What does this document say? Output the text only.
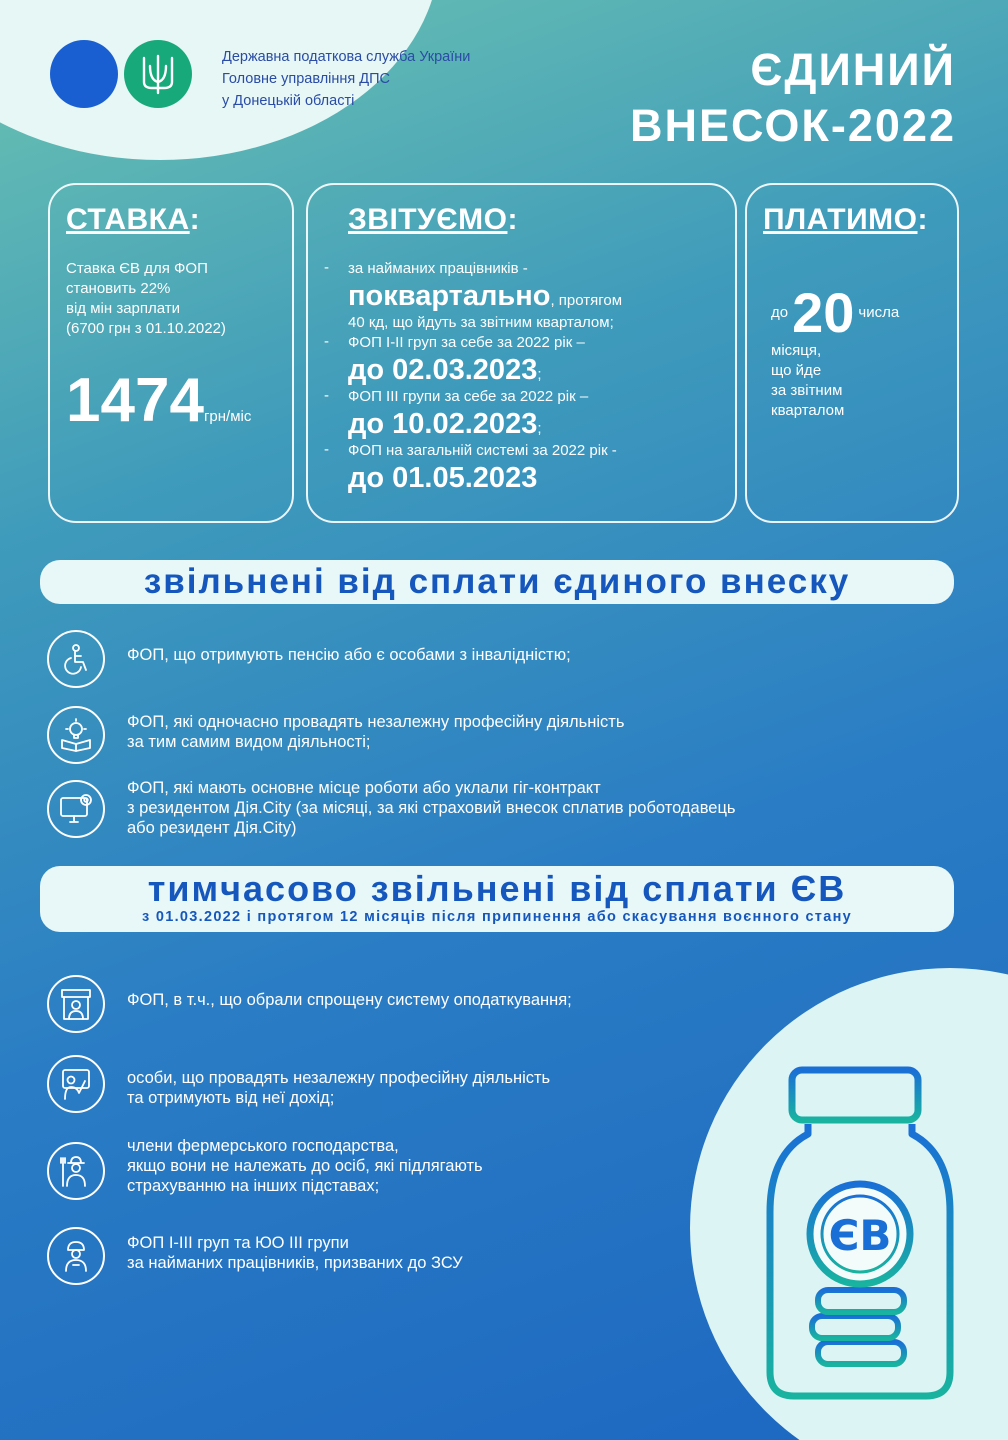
Державна податкова служба України
Головне управління ДПС
у Донецькій області
ЄДИНИЙ
ВНЕСОК-2022
СТАВКА:
Ставка ЄВ для ФОП
становить 22%
від мін зарплати
(6700 грн з 01.10.2022)
1474грн/міс
ЗВІТУЄМО:
- за найманих працівників -
поквартально, протягом
40 кд, що йдуть за звітним кварталом;
- ФОП I-II груп за себе за 2022 рік –
до 02.03.2023;
- ФОП III групи за себе за 2022 рік –
до 10.02.2023;
- ФОП на загальній системі за 2022 рік -
до 01.05.2023
ПЛАТИМО:
до20 числа
місяця,
що йде
за звітним
кварталом
звільнені від сплати єдиного внеску
ФОП, що отримують пенсію або є особами з інвалідністю;
ФОП, які одночасно провадять незалежну професійну діяльність
за тим самим видом діяльності;
ФОП, які мають основне місце роботи або уклали гіг-контракт
з резидентом Дія.City (за місяці, за які страховий внесок сплатив роботодавець
або резидент Дія.City)
тимчасово звільнені від сплати ЄВ
з 01.03.2022 і протягом 12 місяців після припинення або скасування воєнного стану
ФОП, в т.ч., що обрали спрощену систему оподаткування;
особи, що провадять незалежну професійну діяльність
та отримують від неї дохід;
члени фермерського господарства,
якщо вони не належать до осіб, які підлягають
страхуванню на інших підставах;
ФОП I-III груп та ЮО III групи
за найманих працівників, призваних до ЗСУ
ЄВ
